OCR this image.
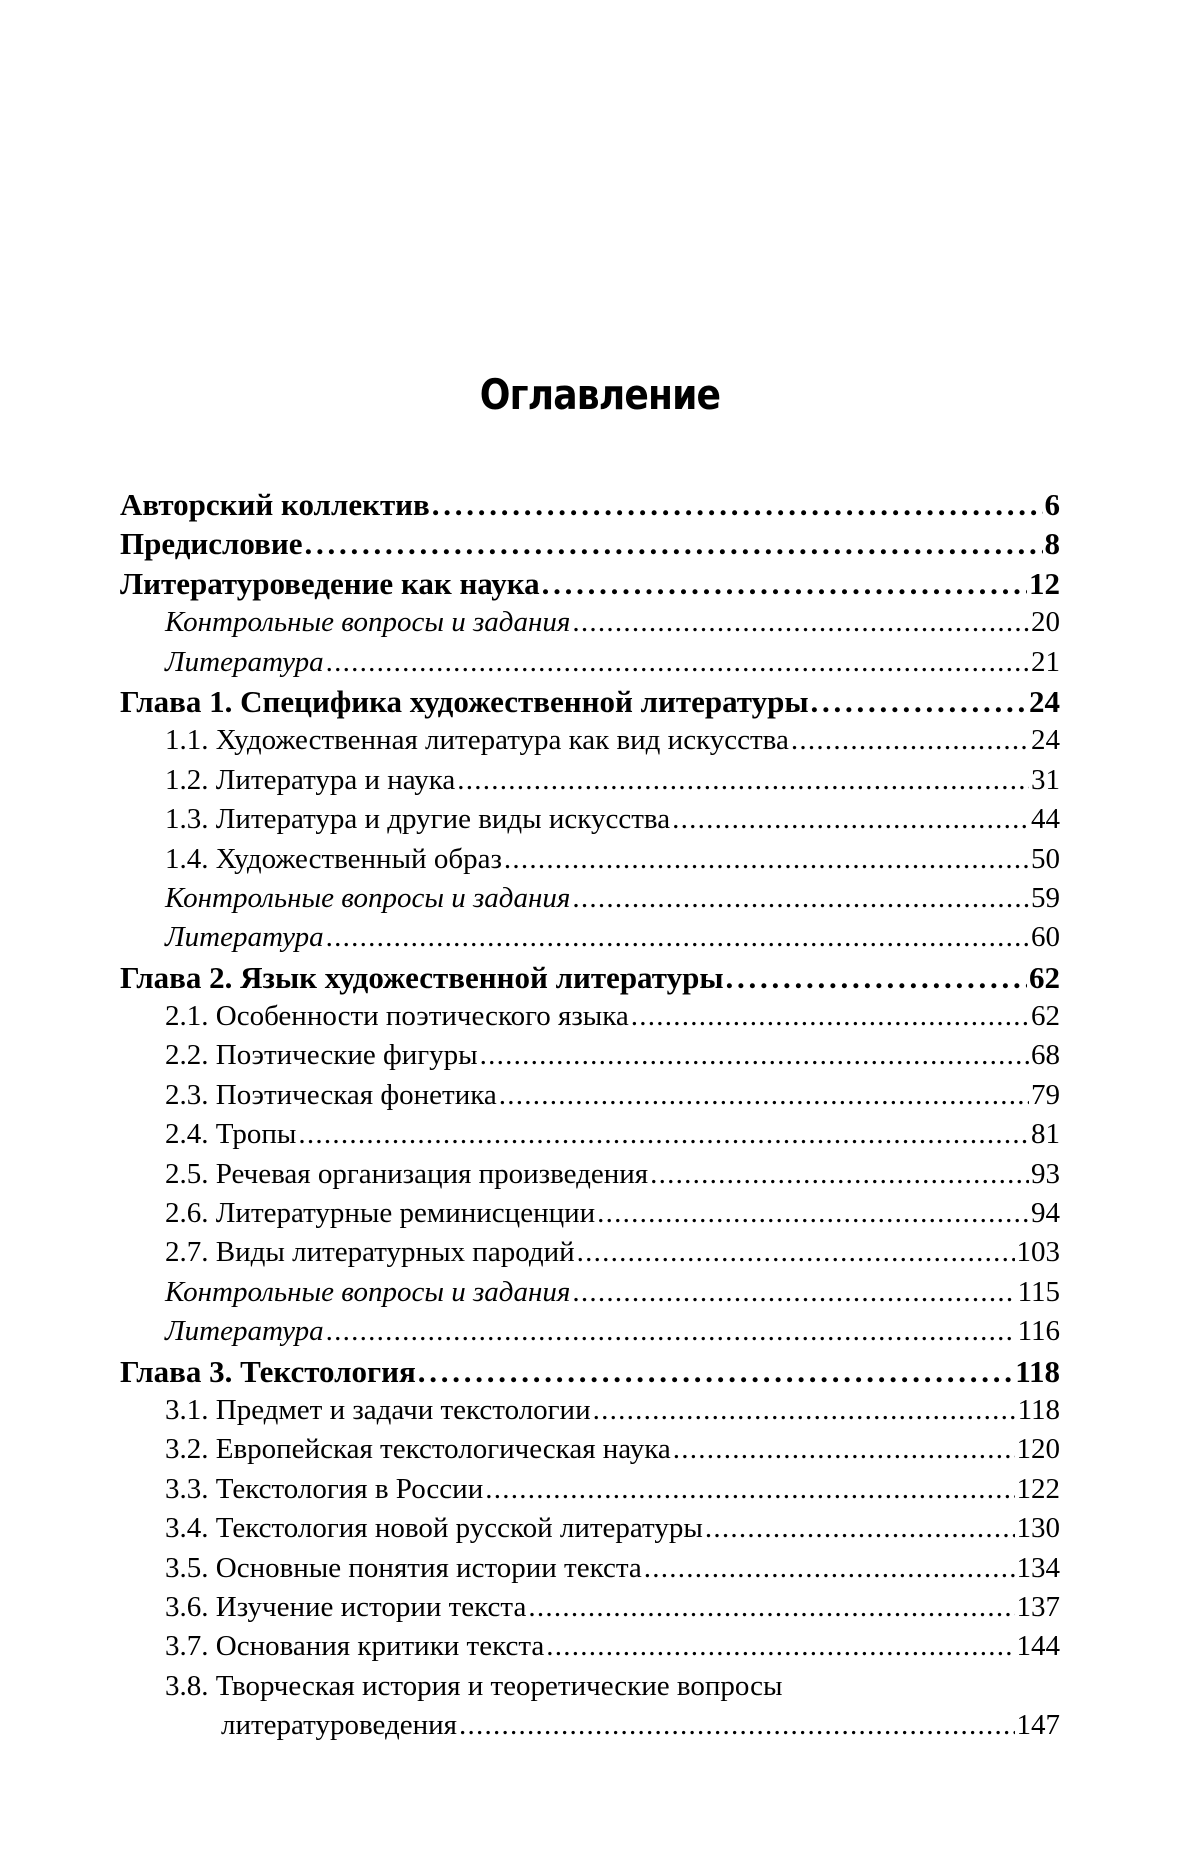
Оглавление
Авторский коллектив . . .	6
Предисловие . . .	8
Литературоведение как наука . . .	12
Контрольные вопросы и задания . . .	20
Литература . . .	21
Глава 1. Специфика художественной литературы . . .	24
1.1. Художественная литература как вид искусства . . .	24
1.2. Литература и наука . . .	31
1.3. Литература и другие виды искусства . . .	44
1.4. Художественный образ . . .	50
Контрольные вопросы и задания . . .	59
Литература . . .	60
Глава 2. Язык художественной литературы . . .	62
2.1. Особенности поэтического языка . . .	62
2.2. Поэтические фигуры . . .	68
2.3. Поэтическая фонетика . . .	79
2.4. Тропы . . .	81
2.5. Речевая организация произведения . . .	93
2.6. Литературные реминисценции . . .	94
2.7. Виды литературных пародий . . .	103
Контрольные вопросы и задания . . .	115
Литература . . .	116
Глава 3. Текстология . . .	118
3.1. Предмет и задачи текстологии . . .	118
3.2. Европейская текстологическая наука . . .	120
3.3. Текстология в России . . .	122
3.4. Текстология новой русской литературы . . .	130
3.5. Основные понятия истории текста . . .	134
3.6. Изучение истории текста . . .	137
3.7. Основания критики текста . . .	144
3.8. Творческая история и теоретические вопросы
литературоведения . . .	147
